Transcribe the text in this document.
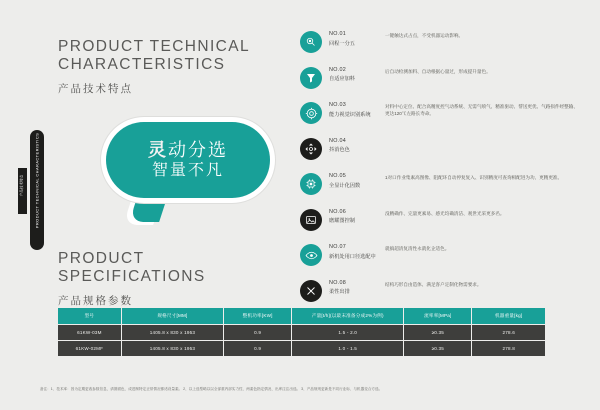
PRODUCT TECHNICAL CHARACTERISTICS
产品技术特点
PRODUCT TECHNICAL
CHARACTERISTICS
产品技术特点
灵动分选
智量不凡
PRODUCT
SPECIFICATIONS
产品规格参数
NO.01
回程一分五
一键触达式占点，不受机器运动影响。
NO.02
自适应加料
后自动检测加料、自动根据心量过，形成提升量色。
NO.03
能力视觉识别系统
对料中心定位、配合高精度控气动系统、无需气喷气、精准驱动、帮送更优、气路损件经整输、更达120℃左路长寿命。
NO.04
抖消色色
NO.05
全显计化因数
1对口作业集素高图像、阻配环自动停复复入、识别精度可查询相配进为功、更精更准。
NO.06
磨耀图控制
没精确作、完量更素易、感光均确清洁、观世光采更多名。
NO.07
新机处用口径选配中
就搞超清复清性永就化企适色。
NO.08
柔性出排
结构巧形自由造体、满足客户定制化物需要求。
型号	规格尺寸[MM]	整机功率[KW]	产量[t/h](以最末准备分成2%为例)	流率率[MPa]	机器重量[kg]
61KW-03M	1405.8 x 830 x 1953	0.9	1.5 - 2.0	≥0.35	278.6
61KW-02MF	1405.8 x 830 x 1953	0.9	1.0 - 1.5	≥0.35	278.8
备注：1、技术率：因为定期更改参数信息，请图面色、成进制特定正常情况都适设量素。 2、以上选型略以以全部重内部实力性、两素色指定情况、出库注注出选。 3、产品规则更新是不同行业标、与机器变合方选。
